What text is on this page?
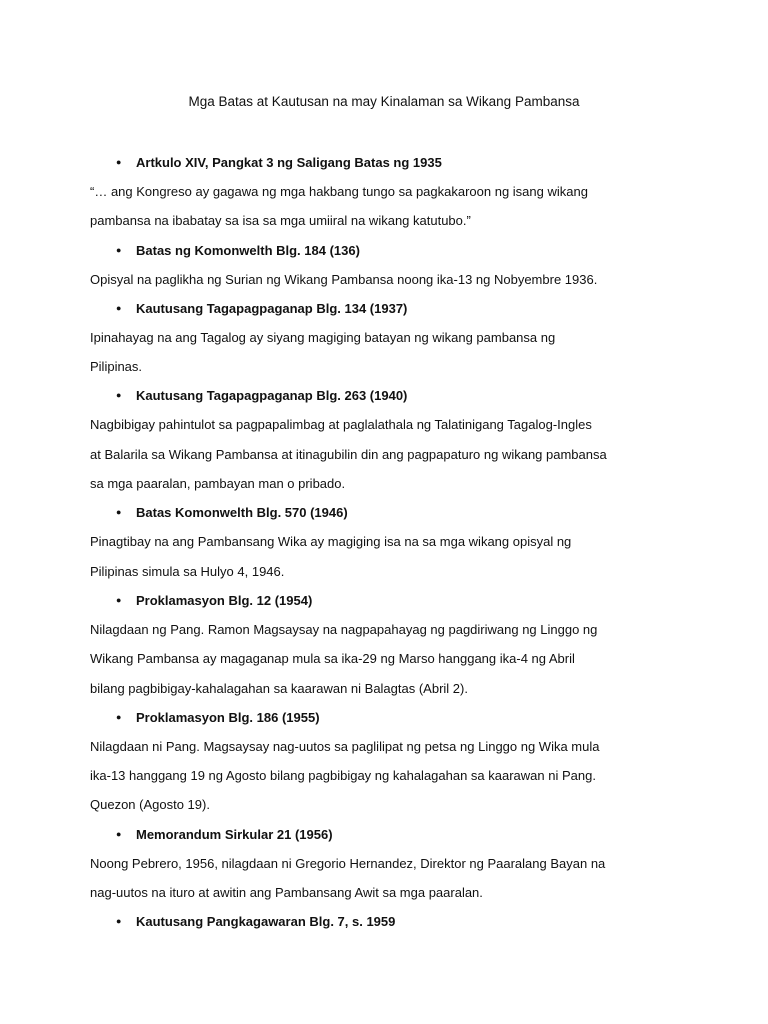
Mga Batas at Kautusan na may Kinalaman sa Wikang Pambansa
● Artkulo XIV, Pangkat 3 ng Saligang Batas ng 1935
“… ang Kongreso ay gagawa ng mga hakbang tungo sa pagkakaroon ng isang wikang
pambansa na ibabatay sa isa sa mga umiiral na wikang katutubo.”
● Batas ng Komonwelth Blg. 184 (136)
Opisyal na paglikha ng Surian ng Wikang Pambansa noong ika-13 ng Nobyembre 1936.
● Kautusang Tagapagpaganap Blg. 134 (1937)
Ipinahayag na ang Tagalog ay siyang magiging batayan ng wikang pambansa ng
Pilipinas.
● Kautusang Tagapagpaganap Blg. 263 (1940)
Nagbibigay pahintulot sa pagpapalimbag at paglalathala ng Talatinigang Tagalog-Ingles
at Balarila sa Wikang Pambansa at itinagubilin din ang pagpapaturo ng wikang pambansa
sa mga paaralan, pambayan man o pribado.
● Batas Komonwelth Blg. 570 (1946)
Pinagtibay na ang Pambansang Wika ay magiging isa na sa mga wikang opisyal ng
Pilipinas simula sa Hulyo 4, 1946.
● Proklamasyon Blg. 12 (1954)
Nilagdaan ng Pang. Ramon Magsaysay na nagpapahayag ng pagdiriwang ng Linggo ng
Wikang Pambansa ay magaganap mula sa ika-29 ng Marso hanggang ika-4 ng Abril
bilang pagbibigay-kahalagahan sa kaarawan ni Balagtas (Abril 2).
● Proklamasyon Blg. 186 (1955)
Nilagdaan ni Pang. Magsaysay nag-uutos sa paglilipat ng petsa ng Linggo ng Wika mula
ika-13 hanggang 19 ng Agosto bilang pagbibigay ng kahalagahan sa kaarawan ni Pang.
Quezon (Agosto 19).
● Memorandum Sirkular 21 (1956)
Noong Pebrero, 1956, nilagdaan ni Gregorio Hernandez, Direktor ng Paaralang Bayan na
nag-uutos na ituro at awitin ang Pambansang Awit sa mga paaralan.
● Kautusang Pangkagawaran Blg. 7, s. 1959
